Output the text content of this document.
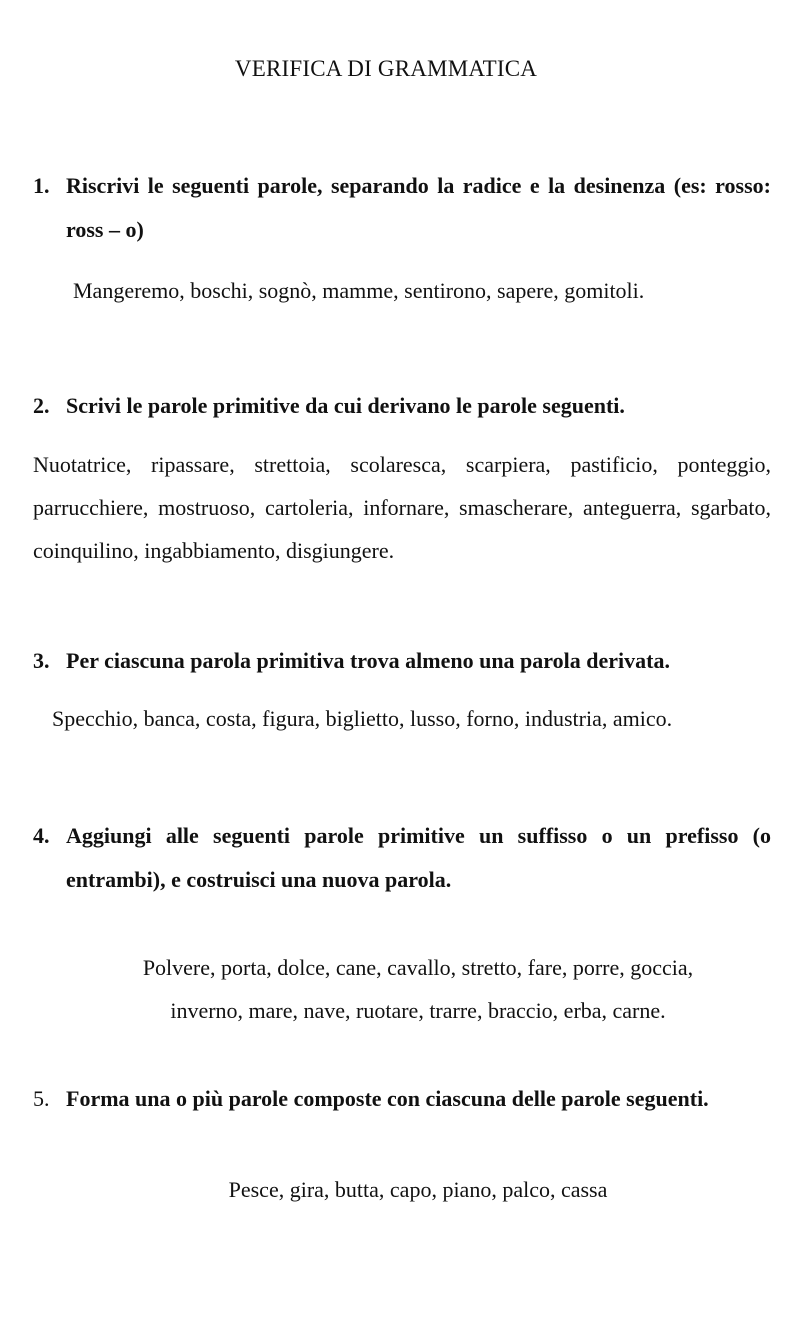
VERIFICA DI GRAMMATICA
1. Riscrivi le seguenti parole, separando la radice e la desinenza (es: rosso: ross – o)
Mangeremo, boschi, sognò, mamme, sentirono, sapere, gomitoli.
2. Scrivi le parole primitive da cui derivano le parole seguenti.
Nuotatrice, ripassare, strettoia, scolaresca, scarpiera, pastificio, ponteggio, parrucchiere, mostruoso, cartoleria, infornare, smascherare, anteguerra, sgarbato, coinquilino, ingabbiamento, disgiungere.
3. Per ciascuna parola primitiva trova almeno una parola derivata.
Specchio, banca, costa, figura, biglietto, lusso, forno, industria, amico.
4. Aggiungi alle seguenti parole primitive un suffisso o un prefisso (o entrambi), e costruisci una nuova parola.
Polvere, porta, dolce, cane, cavallo, stretto, fare, porre, goccia,
inverno, mare, nave, ruotare, trarre, braccio, erba, carne.
5. Forma una o più parole composte con ciascuna delle parole seguenti.
Pesce, gira, butta, capo, piano, palco, cassa
